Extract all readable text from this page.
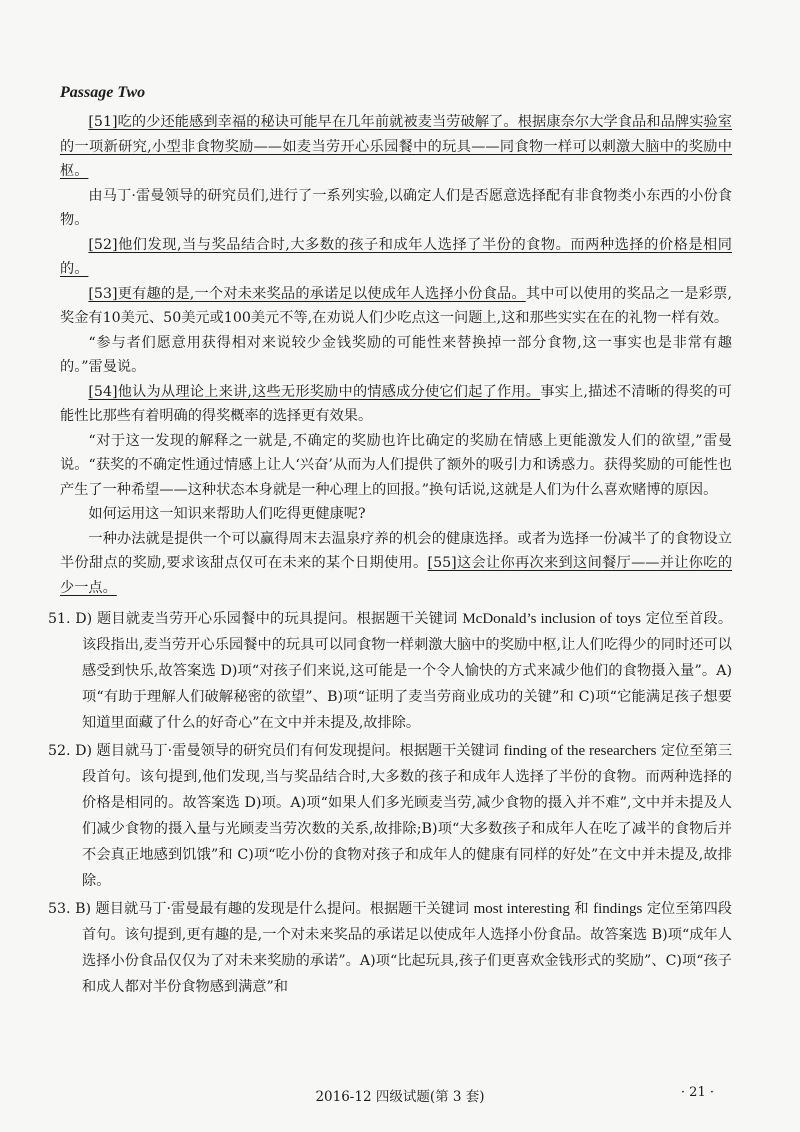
Passage Two

[51]吃的少还能感到幸福的秘诀可能早在几年前就被麦当劳破解了。根据康奈尔大学食品和品牌实验室的一项新研究,小型非食物奖励——如麦当劳开心乐园餐中的玩具——同食物一样可以刺激大脑中的奖励中枢。

由马丁·雷曼领导的研究员们,进行了一系列实验,以确定人们是否愿意选择配有非食物类小东西的小份食物。

[52]他们发现,当与奖品结合时,大多数的孩子和成年人选择了半份的食物。而两种选择的价格是相同的。

[53]更有趣的是,一个对未来奖品的承诺足以使成年人选择小份食品。其中可以使用的奖品之一是彩票,奖金有10美元、50美元或100美元不等,在劝说人们少吃点这一问题上,这和那些实实在在的礼物一样有效。

“参与者们愿意用获得相对来说较少金钱奖励的可能性来替换掉一部分食物,这一事实也是非常有趣的。”雷曼说。

[54]他认为从理论上来讲,这些无形奖励中的情感成分使它们起了作用。事实上,描述不清晰的得奖的可能性比那些有着明确的得奖概率的选择更有效果。

“对于这一发现的解释之一就是,不确定的奖励也许比确定的奖励在情感上更能激发人们的欲望,”雷曼说。“获奖的不确定性通过情感上让人‘兴奋’从而为人们提供了额外的吸引力和诱惑力。获得奖励的可能性也产生了一种希望——这种状态本身就是一种心理上的回报。”换句话说,这就是人们为什么喜欢赌博的原因。

如何运用这一知识来帮助人们吃得更健康呢?

一种办法就是提供一个可以赢得周末去温泉疗养的机会的健康选择。或者为选择一份减半了的食物设立半份甜点的奖励,要求该甜点仅可在未来的某个日期使用。[55]这会让你再次来到这间餐厅——并让你吃的少一点。

51. D) 题目就麦当劳开心乐园餐中的玩具提问。根据题干关键词 McDonald’s inclusion of toys 定位至首段。该段指出,麦当劳开心乐园餐中的玩具可以同食物一样刺激大脑中的奖励中枢,让人们吃得少的同时还可以感受到快乐,故答案选 D)项“对孩子们来说,这可能是一个令人愉快的方式来减少他们的食物摄入量”。A)项“有助于理解人们破解秘密的欲望”、B)项“证明了麦当劳商业成功的关键”和 C)项“它能满足孩子想要知道里面藏了什么的好奇心”在文中并未提及,故排除。

52. D) 题目就马丁·雷曼领导的研究员们有何发现提问。根据题干关键词 finding of the researchers 定位至第三段首句。该句提到,他们发现,当与奖品结合时,大多数的孩子和成年人选择了半份的食物。而两种选择的价格是相同的。故答案选 D)项。A)项“如果人们多光顾麦当劳,减少食物的摄入并不难”,文中并未提及人们减少食物的摄入量与光顾麦当劳次数的关系,故排除;B)项“大多数孩子和成年人在吃了减半的食物后并不会真正地感到饥饿”和 C)项“吃小份的食物对孩子和成年人的健康有同样的好处”在文中并未提及,故排除。

53. B) 题目就马丁·雷曼最有趣的发现是什么提问。根据题干关键词 most interesting 和 findings 定位至第四段首句。该句提到,更有趣的是,一个对未来奖品的承诺足以使成年人选择小份食品。故答案选 B)项“成年人选择小份食品仅仅为了对未来奖励的承诺”。A)项“比起玩具,孩子们更喜欢金钱形式的奖励”、C)项“孩子和成人都对半份食物感到满意”和

2016-12 四级试题(第 3 套)	· 21 ·
